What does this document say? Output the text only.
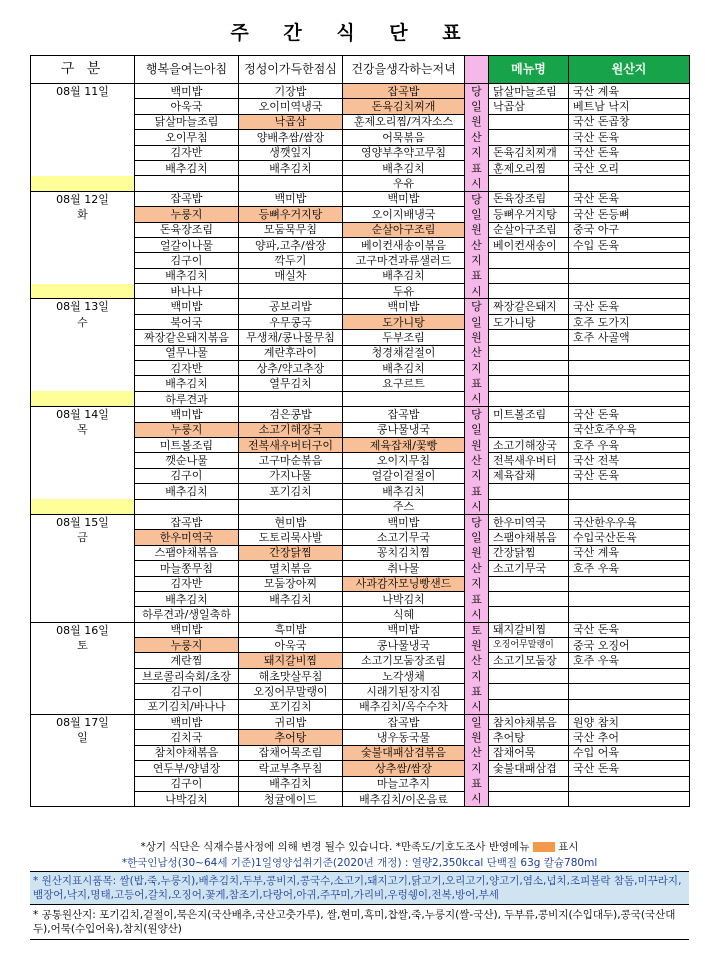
주 간 식 단 표
구 분	행복을여는아침	정성이가득한점심	건강을생각하는저녁		메뉴명	원산지
08월 11일	백미밥	기장밥	잡곡밥	당	닭살마늘조림	국산 계육
	아욱국	오이미역냉국	돈육김치찌개	일	낙곱삼	베트남 낙지
	닭살마늘조림	낙곱삼	훈제오리찜/겨자소스	원		국산 돈곱창
	오이무침	양배추쌈/쌈장	어묵볶음	산		국산 돈육
	김자반	생깻잎지	영양부추약고무침	지	돈육김치찌개	국산 돈육
	배추김치	배추김치	배추김치	표	훈제오리찜	국산 오리
			우유	시		
08월 12일	잡곡밥	백미밥	백미밥	당	돈육장조림	국산 돈육
화	누룽지	등뼈우거지탕	오이지배냉국	일	등뼈우거지탕	국산 돈등뼈
	돈육장조림	모둠묵무침	순살아구조림	원	순살아구조림	중국 아구
	얼갈이나물	양파,고추/쌈장	베이컨새송이볶음	산	베이컨새송이	수입 돈육
	김구이	깍두기	고구마견과류샐러드	지		
	배추김치	매실차	배추김치	표		
	바나나		두유	시		
08월 13일	백미밥	공보리밥	백미밥	당	짜장같은돼지	국산 돈육
수	북어국	우무콩국	도가니탕	일	도가니탕	호주 도가지
	짜장같은돼지볶음	무생채/콩나물무침	두부조림	원		호주 사골액
	열무나물	계란후라이	청경채겉절이	산		
	김자반	상추/약고추장	배추김치	지		
	배추김치	열무김치	요구르트	표		
	하루견과			시		
08월 14일	백미밥	검은콩밥	잡곡밥	당	미트볼조림	국산 돈육
목	누룽지	소고기해장국	콩나물냉국	일		국산호주우육
	미트볼조림	전복새우버터구이	제육잡채/꽃빵	원	소고기해장국	호주 우육
	깻순나물	고구마순볶음	오이지무침	산	전복새우버터	국산 전복
	김구이	가지나물	얼갈이겉절이	지	제육잡채	국산 돈육
	배추김치	포기김치	배추김치	표		
			주스	시		
08월 15일	잡곡밥	현미밥	백미밥	당	한우미역국	국산한우우육
금	한우미역국	도토리묵사발	소고기무국	일	스팸야채볶음	수입국산돈육
	스팸야채볶음	간장닭찜	꽁치김치찜	원	간장닭찜	국산 계육
	마늘쫑무침	멸치볶음	취나물	산	소고기무국	호주 우육
	김자반	모둠장아찌	사과감자모닝빵샌드	지		
	배추김치	배추김치	나박김치	표		
	하루견과/생일축하		식혜	시		
08월 16일	백미밥	흑미밥	백미밥	토	돼지갈비찜	국산 돈육
토	누룽지	아욱국	콩나물냉국	원	오징어무말랭이	중국 오징어
	계란찜	돼지갈비찜	소고기모둠장조림	산	소고기모둠장	호주 우육
	브로콜리숙회/초장	해초맛살무침	노각생채	지		
	김구이	오징어무말랭이	시래기된장지짐	표		
	포기김치/바나나	포기김치	배추김치/옥수수차	시		
08월 17일	백미밥	귀리밥	잡곡밥	일	참치야채볶음	원양 참치
일	김치국	추어탕	냉우동국물	원	추어탕	국산 추어
	참치야채볶음	잡채어묵조림	숯불대패삼겹볶음	산	잡채어묵	수입 어육
	연두부/양념장	락교부추무침	상추쌈/쌈장	지	숯불대패삼겹	국산 돈육
	김구이	배추김치	마늘고추지	표		
	나박김치	청귤에이드	배추김치/이온음료	시		
*상기 식단은 식재수불사정에 의해 변경 될수 있습니다. *만족도/기호도조사 반영메뉴	표시
*한국인남성(30~64세 기준)1일영양섭취기준(2020년 개정) : 열량2,350kcal 단백질 63g 칼슘780ml
* 원산지표시품목: 쌀(밥,죽,누룽지),배추김치,두부,콩비지,콩국수,소고기,돼지고기,닭고기,오리고기,양고기,염소,넙치,조피볼락 참돔,미꾸라지,뱀장어,낙지,명태,고등어,갈치,오징어,꽃게,참조기,다랑어,아귀,주꾸미,가리비,우렁쉥이,전복,방어,부세
* 공통원산지: 포기김치,겉절이,묵은지(국산배추,국산고춧가루), 쌀,현미,흑미,찹쌀,죽,누룽지(쌀-국산), 두부류,콩비지(수입대두),콩국(국산대두),어묵(수입어육),참치(원양산)
